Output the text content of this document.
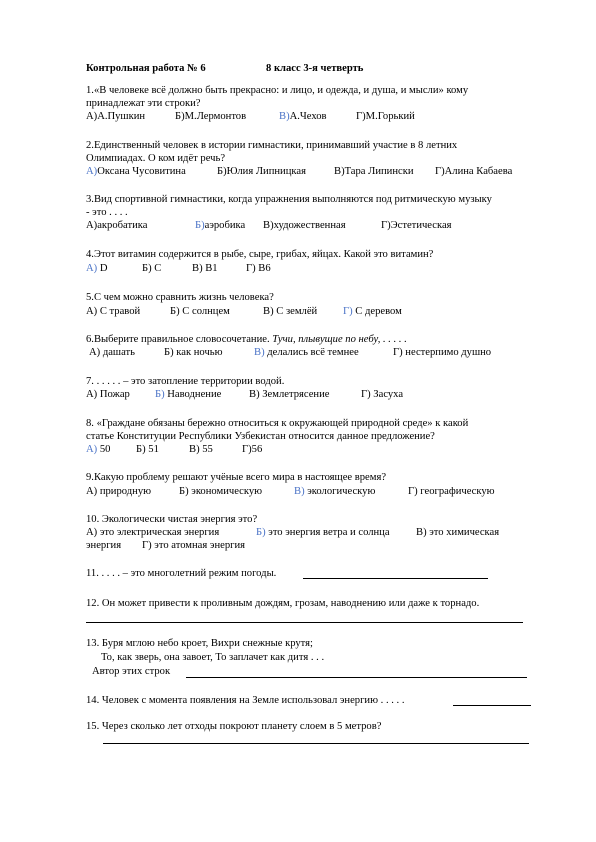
Контрольная работа № 6	8 класс 3-я четверть
1.«В человеке всё должно быть прекрасно: и лицо, и одежда, и душа, и мысли» кому
принадлежат эти строки?
А)А.Пушкин	Б)М.Лермонтов	В)А.Чехов	Г)М.Горький
2.Единственный человек в истории гимнастики, принимавший участие в 8 летних
Олимпиадах. О ком идёт речь?
А)Оксана Чусовитина	Б)Юлия Липницкая	В)Тара Липински Г)Алина Кабаева
3.Вид спортивной гимнастики, когда упражнения выполняются под ритмическую музыку
- это . . . .
А)акробатика	Б)аэробика В)художественная	Г)Эстетическая
4.Этот витамин содержится в рыбе, сыре, грибах, яйцах. Какой это витамин?
А) D	Б) С	В) В1	Г) В6
5.С чем можно сравнить жизнь человека?
А) С травой	Б) С солнцем	В) С землёй Г) С деревом
6.Выберите правильное словосочетание. Тучи, плывущие по небу, . . . . .
А) дашать	Б) как ночью	В) делались всё темнее	Г) нестерпимо душно
7. . . . . . – это затопление территории водой.
А) Пожар Б) Наводнение	В) Землетрясение	Г) Засуха
8. «Граждане обязаны бережно относиться к окружающей природной среде» к какой
статье Конституции Республики Узбекистан относится данное предложение?
А) 50 Б) 51	В) 55	Г)56
9.Какую проблему решают учёные всего мира в настоящее время?
А) природную	Б) экономическую	В) экологическую	Г) географическую
10. Экологически чистая энергия это?
А) это электрическая энергия	Б) это энергия ветра и солнца В) это химическая
энергия Г) это атомная энергия
11. . . . . – это многолетний режим погоды.
12. Он может привести к проливным дождям, грозам, наводнению или даже к торнадо.
13. Буря мглою небо кроет, Вихри снежные крутя;
То, как зверь, она завоет, То заплачет как дитя . . .
Автор этих строк
14. Человек с момента появления на Земле использовал энергию . . . . .
15. Через сколько лет отходы покроют планету слоем в 5 метров?
